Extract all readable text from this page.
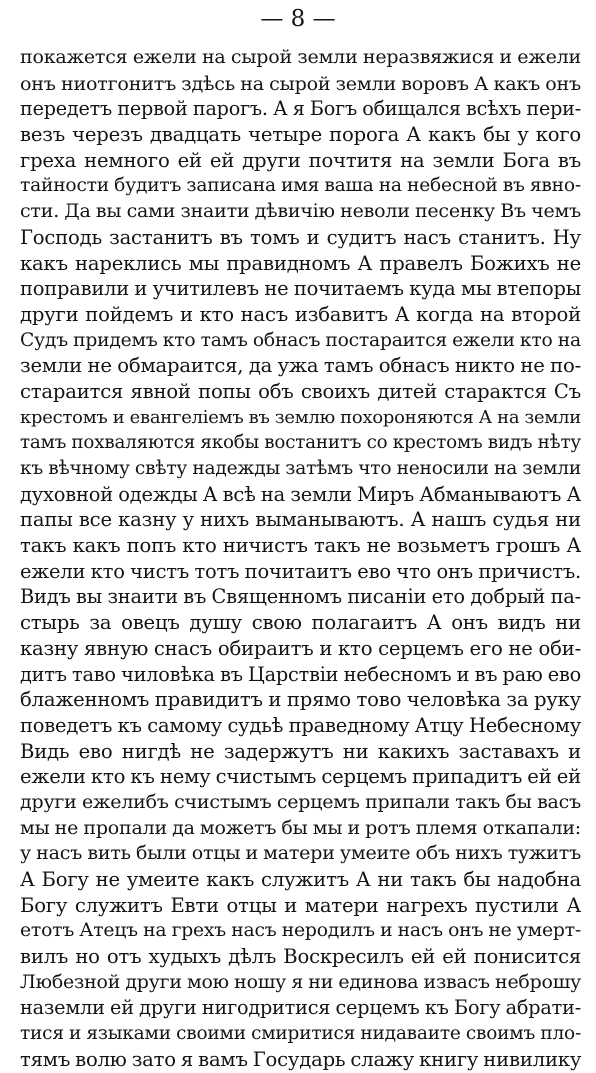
— 8 —
покажется ежели на сырой земли неразвяжися и ежели
онъ ниотгонитъ здѣсь на сырой земли воровъ А какъ онъ
передетъ первой парогъ. А я Богъ обищался всѣхъ пери-
везъ черезъ двадцать четыре порога А какъ бы у кого
греха немного ей ей други почтитя на земли Бога въ
тайности будитъ записана имя ваша на небесной въ явно-
сти. Да вы сами знаити дѣвичiю неволи песенку Въ чемъ
Господь застанитъ въ томъ и судитъ насъ станитъ. Ну
какъ нареклись мы правидномъ А правелъ Божихъ не
поправили и учитилевъ не почитаемъ куда мы втепоры
други пойдемъ и кто насъ избавитъ А когда на второй
Судъ придемъ кто тамъ обнасъ постараится ежели кто на
земли не обмараится, да ужа тамъ обнасъ никто не по-
стараится явной попы объ своихъ дитей старактся Съ
крестомъ и евангелiемъ въ землю похороняются А на земли
тамъ похваляются якобы востанитъ со крестомъ видъ нѣту
къ вѣчному свѣту надежды затѣмъ что неносили на земли
духовной одежды А всѣ на земли Миръ Абманываютъ А
папы все казну у нихъ выманываютъ. А нашъ судья ни
такъ какъ попъ кто ничистъ такъ не возьметъ грошъ А
ежели кто чистъ тотъ почитаитъ ево что онъ причистъ.
Видъ вы знаити въ Священномъ писанiи ето добрый па-
стырь за овецъ душу свою полагаитъ А онъ видъ ни
казну явную снасъ обираитъ и кто серцемъ его не оби-
дитъ таво чиловѣка въ Царствiи небесномъ и въ раю ево
блаженномъ правидитъ и прямо тово человѣка за руку
поведетъ къ самому судьѣ праведному Атцу Небесному
Видь ево нигдѣ не задержутъ ни какихъ заставахъ и
ежели кто къ нему счистымъ серцемъ припадитъ ей ей
други ежелибъ счистымъ серцемъ припали такъ бы васъ
мы не пропали да можетъ бы мы и ротъ племя откапали:
у насъ вить были отцы и матери умеите объ нихъ тужитъ
А Богу не умеите какъ служитъ А ни такъ бы надобна
Богу служитъ Евти отцы и матери нагрехъ пустили А
етотъ Атецъ на грехъ насъ неродилъ и насъ онъ не умерт-
вилъ но отъ худыхъ дѣлъ Воскресилъ ей ей понисится
Любезной други мою ношу я ни единова извасъ неброшу
наземли ей други нигодритися серцемъ къ Богу абрати-
тися и языками своими смиритися нидаваите своимъ пло-
тямъ волю зато я вамъ Государь слажу книгу нивилику
